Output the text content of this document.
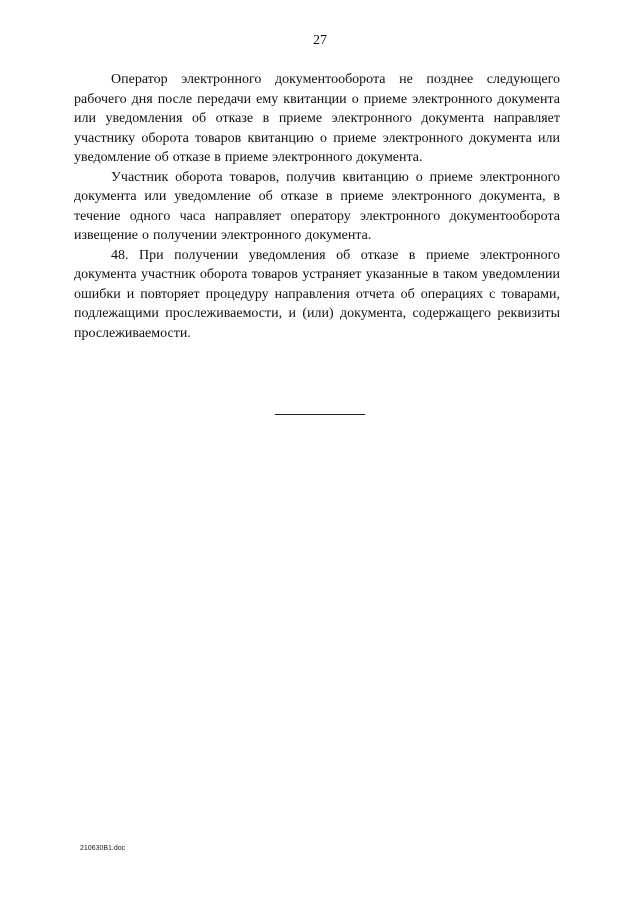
27

Оператор электронного документооборота не позднее следующего рабочего дня после передачи ему квитанции о приеме электронного документа или уведомления об отказе в приеме электронного документа направляет участнику оборота товаров квитанцию о приеме электронного документа или уведомление об отказе в приеме электронного документа.

Участник оборота товаров, получив квитанцию о приеме электронного документа или уведомление об отказе в приеме электронного документа, в течение одного часа направляет оператору электронного документооборота извещение о получении электронного документа.

48. При получении уведомления об отказе в приеме электронного документа участник оборота товаров устраняет указанные в таком уведомлении ошибки и повторяет процедуру направления отчета об операциях с товарами, подлежащими прослеживаемости, и (или) документа, содержащего реквизиты прослеживаемости.

210630В1.doc
